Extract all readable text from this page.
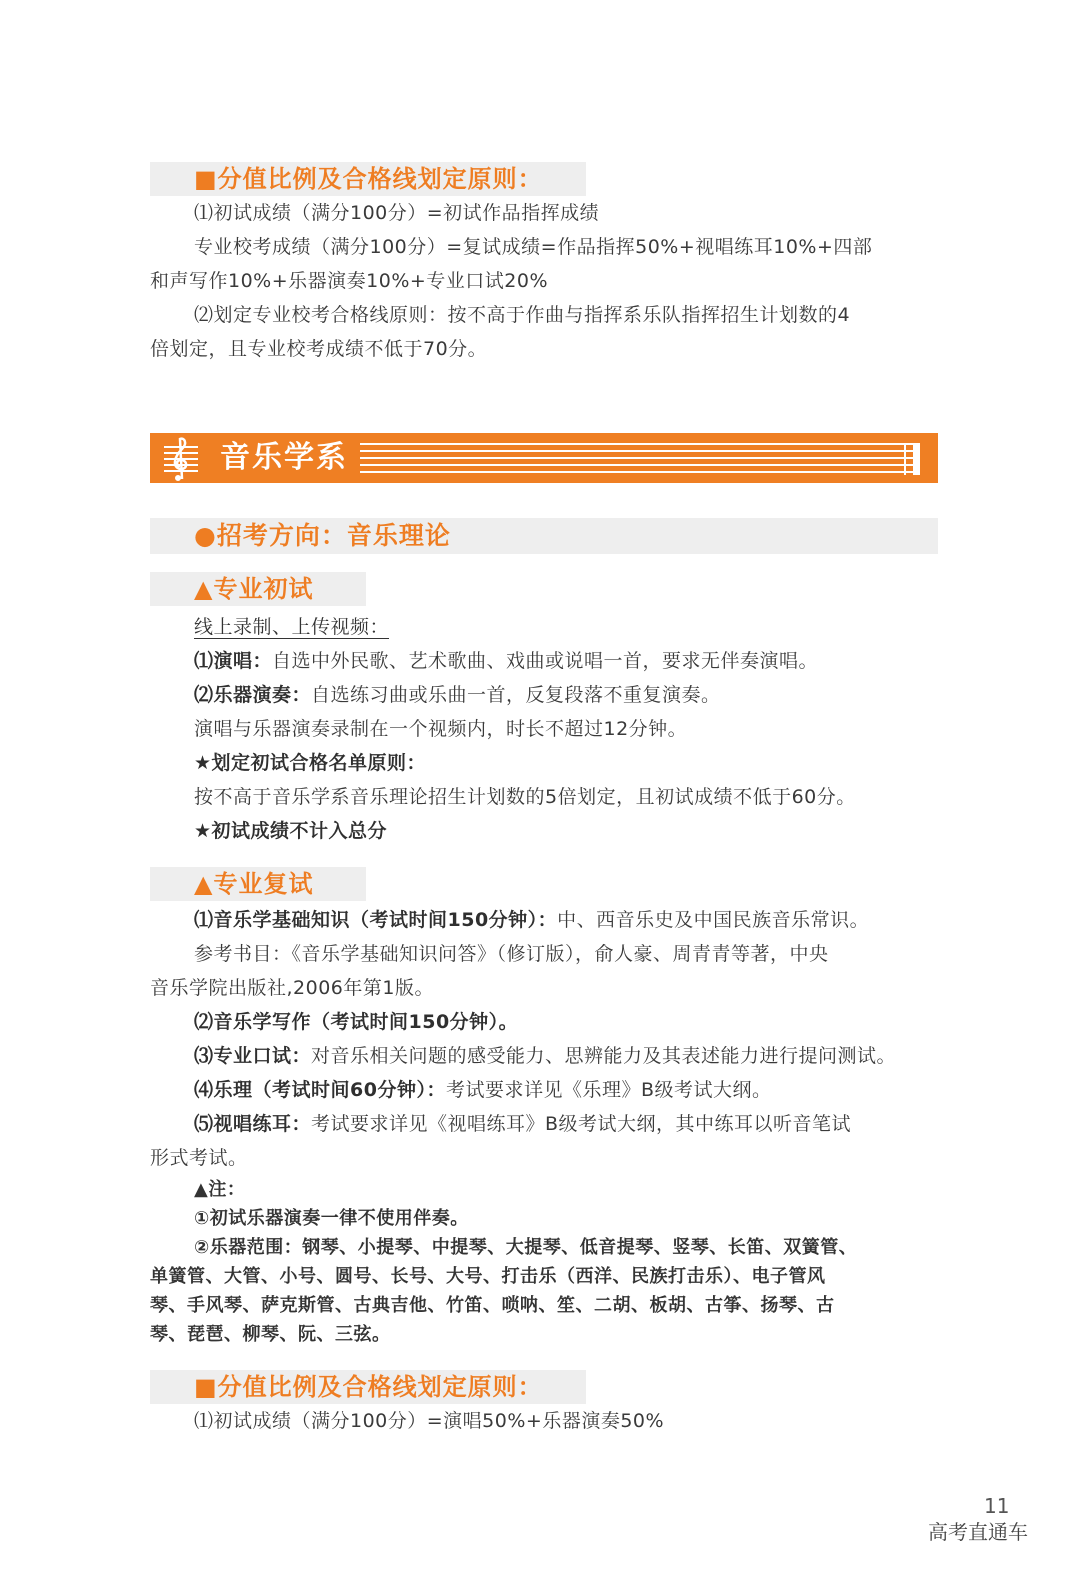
■分值比例及合格线划定原则：
⑴初试成绩（满分100分）=初试作品指挥成绩
专业校考成绩（满分100分）=复试成绩=作品指挥50%+视唱练耳10%+四部
和声写作10%+乐器演奏10%+专业口试20%
⑵划定专业校考合格线原则：按不高于作曲与指挥系乐队指挥招生计划数的4
倍划定，且专业校考成绩不低于70分。
音乐学系
●招考方向：音乐理论
▲专业初试
线上录制、上传视频：
⑴演唱：自选中外民歌、艺术歌曲、戏曲或说唱一首，要求无伴奏演唱。
⑵乐器演奏：自选练习曲或乐曲一首，反复段落不重复演奏。
演唱与乐器演奏录制在一个视频内，时长不超过12分钟。
★划定初试合格名单原则：
按不高于音乐学系音乐理论招生计划数的5倍划定，且初试成绩不低于60分。
★初试成绩不计入总分
▲专业复试
⑴音乐学基础知识（考试时间150分钟）：中、西音乐史及中国民族音乐常识。
参考书目：《音乐学基础知识问答》（修订版），俞人豪、周青青等著，中央
音乐学院出版社,2006年第1版。
⑵音乐学写作（考试时间150分钟）。
⑶专业口试：对音乐相关问题的感受能力、思辨能力及其表述能力进行提问测试。
⑷乐理（考试时间60分钟）：考试要求详见《乐理》B级考试大纲。
⑸视唱练耳：考试要求详见《视唱练耳》B级考试大纲，其中练耳以听音笔试
形式考试。
▲注：
①初试乐器演奏一律不使用伴奏。
②乐器范围：钢琴、小提琴、中提琴、大提琴、低音提琴、竖琴、长笛、双簧管、
单簧管、大管、小号、圆号、长号、大号、打击乐（西洋、民族打击乐）、电子管风
琴、手风琴、萨克斯管、古典吉他、竹笛、唢呐、笙、二胡、板胡、古筝、扬琴、古
琴、琵琶、柳琴、阮、三弦。
■分值比例及合格线划定原则：
⑴初试成绩（满分100分）=演唱50%+乐器演奏50%
11
高考直通车
